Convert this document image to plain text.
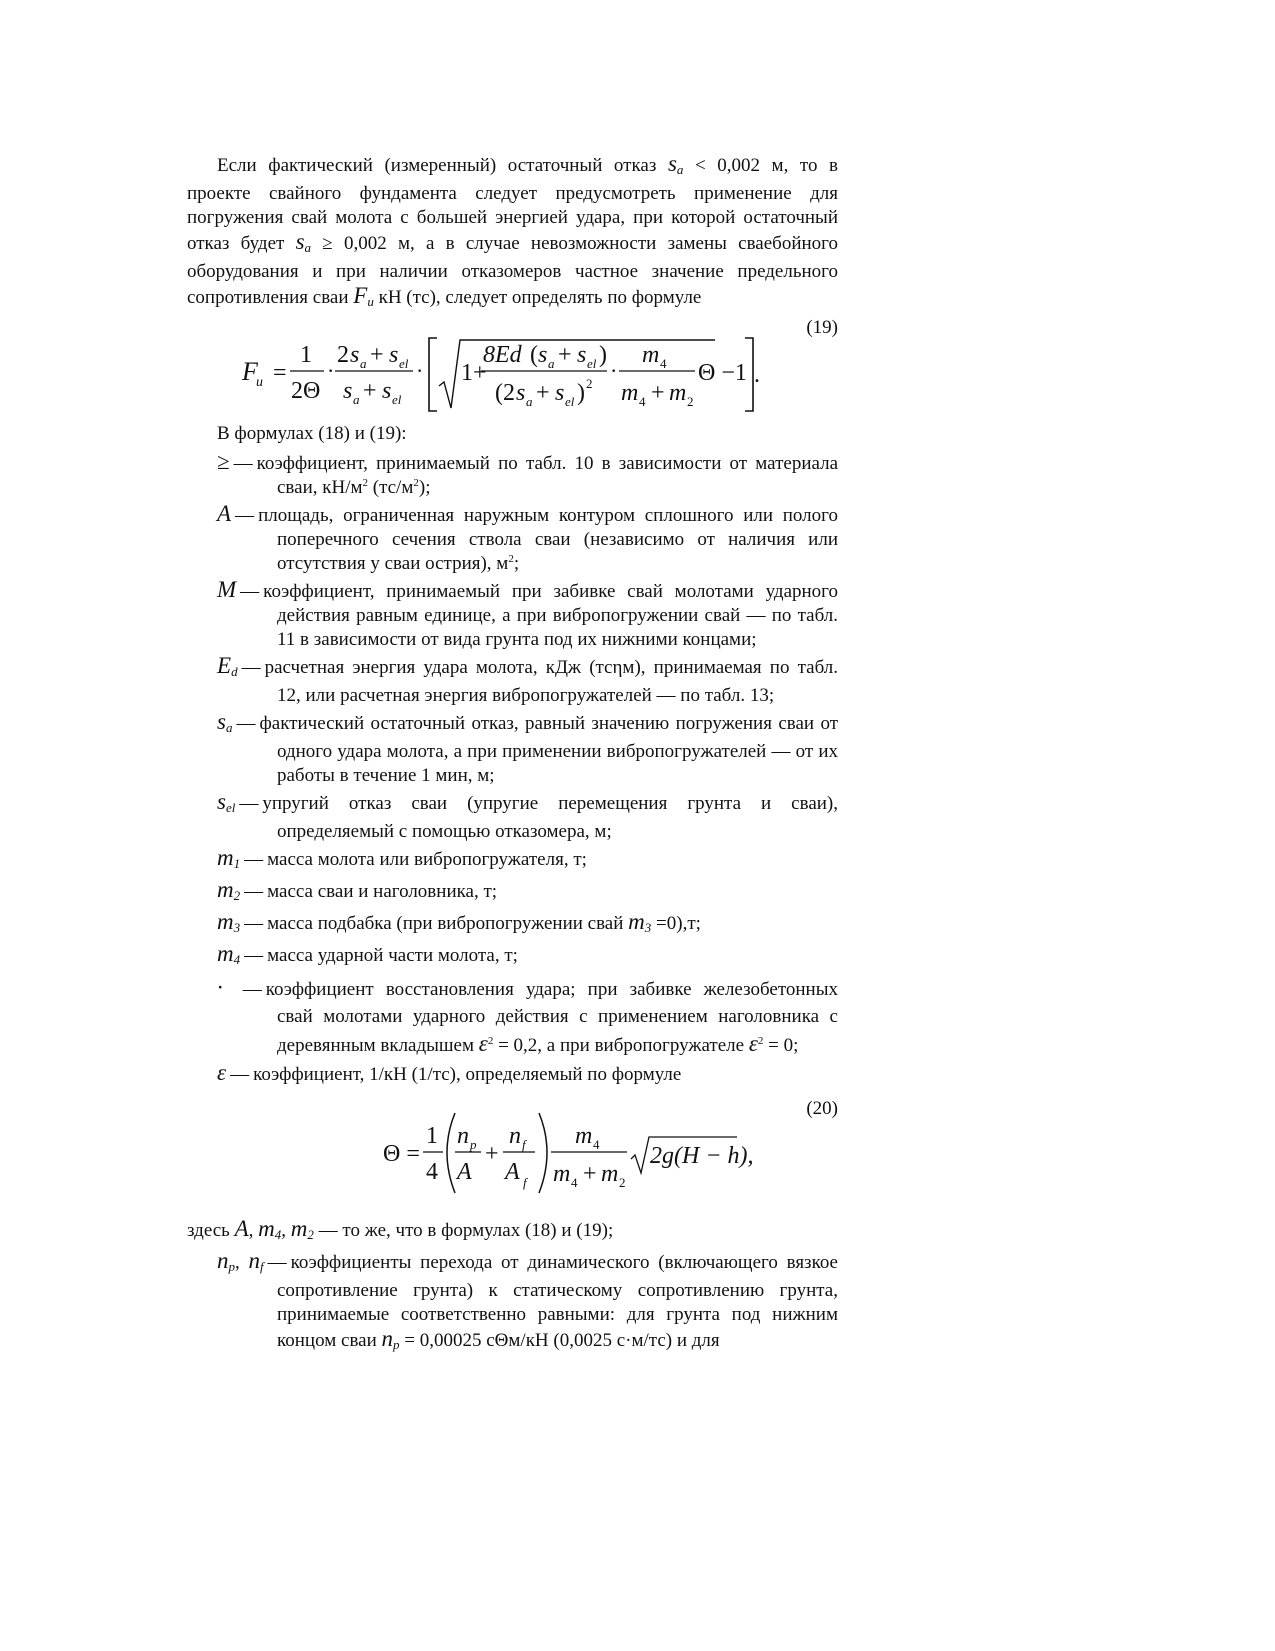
Если фактический (измеренный) остаточный отказ $s_a < 0,002$ м, то в проекте свайного фундамента следует предусмотреть применение для погружения свай молота с большей энергией удара, при которой остаточный отказ будет $s_a \ge 0,002$ м, а в случае невозможности замены сваебойного оборудования и при наличии отказомеров частное значение предельного сопротивления сваи $F_u$ кН (тс), следует определять по формуле

(19)
F
u =
1
2Θ
·
2 s a + s el
s a + s el
· 1+
8Ed ( s a + s el )
(2 s a + s el ) 2
·
m 4
m 4 + m 2
Θ −1 .

В формулах (18) и (19):

≥ — коэффициент, принимаемый по табл. 10 в зависимости от материала сваи, $кН/м^2$ $(тс/м^2)$;

A — площадь, ограниченная наружным контуром сплошного или полого поперечного сечения ствола сваи (независимо от наличия или отсутствия у сваи острия), $м^2$;

M — коэффициент, принимаемый при забивке свай молотами ударного действия равным единице, а при вибропогружении свай — по табл. 11 в зависимости от вида грунта под их нижними концами;

$E_d$ — расчетная энергия удара молота, кДж (тсηм), принимаемая по табл. 12, или расчетная энергия вибропогружателей — по табл. 13;

$s_a$ — фактический остаточный отказ, равный значению погружения сваи от одного удара молота, а при применении вибропогружателей — от их работы в течение 1 мин, м;

$s_{el}$ — упругий отказ сваи (упругие перемещения грунта и сваи), определяемый с помощью отказомера, м;

$m_1$ — масса молота или вибропогружателя, т;

$m_2$ — масса сваи и наголовника, т;

$m_3$ — масса подбабка (при вибропогружении свай $m_3 =0),т$;

$m_4$ — масса ударной части молота, т;

· — коэффициент восстановления удара; при забивке железобетонных свай молотами ударного действия с применением наголовника с деревянным вкладышем $\varepsilon^2 = 0,2$, а при вибропогружателе $\varepsilon^2 = 0$;

ε — коэффициент, 1/кН (1/тс), определяемый по формуле

(20)
Θ =
1
4
n p
A
+
n f
A f
m 4
m 4 + m 2
2g(H − h),

здесь A, $m_4$, $m_2$ — то же, что в формулах (18) и (19);

$n_p$, $n_f$ — коэффициенты перехода от динамического (включающего вязкое сопротивление грунта) к статическому сопротивлению грунта, принимаемые соответственно равными: для грунта под нижним концом сваи $n_p = 0,00025$ сΘм/кН (0,0025 с·м/тс) и для
